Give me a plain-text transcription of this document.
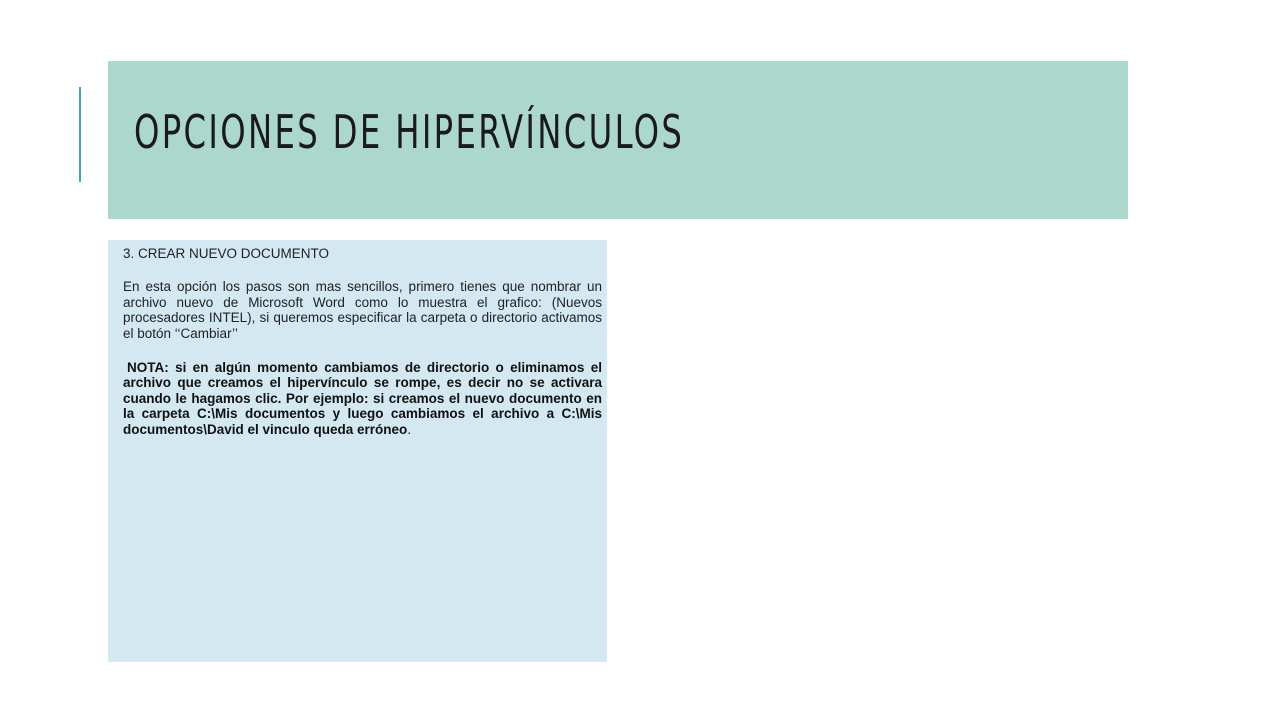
OPCIONES DE HIPERVÍNCULOS

3. CREAR NUEVO DOCUMENTO

En esta opción los pasos son mas sencillos, primero tienes que nombrar un archivo nuevo de Microsoft Word como lo muestra el grafico: (Nuevos procesadores INTEL), si queremos especificar la carpeta o directorio activamos el botón ‘‘Cambiar’’

NOTA: si en algún momento cambiamos de directorio o eliminamos el archivo que creamos el hipervínculo se rompe, es decir no se activara cuando le hagamos clic. Por ejemplo: si creamos el nuevo documento en la carpeta C:\Mis documentos y luego cambiamos el archivo a C:\Mis documentos\David el vinculo queda erróneo.
